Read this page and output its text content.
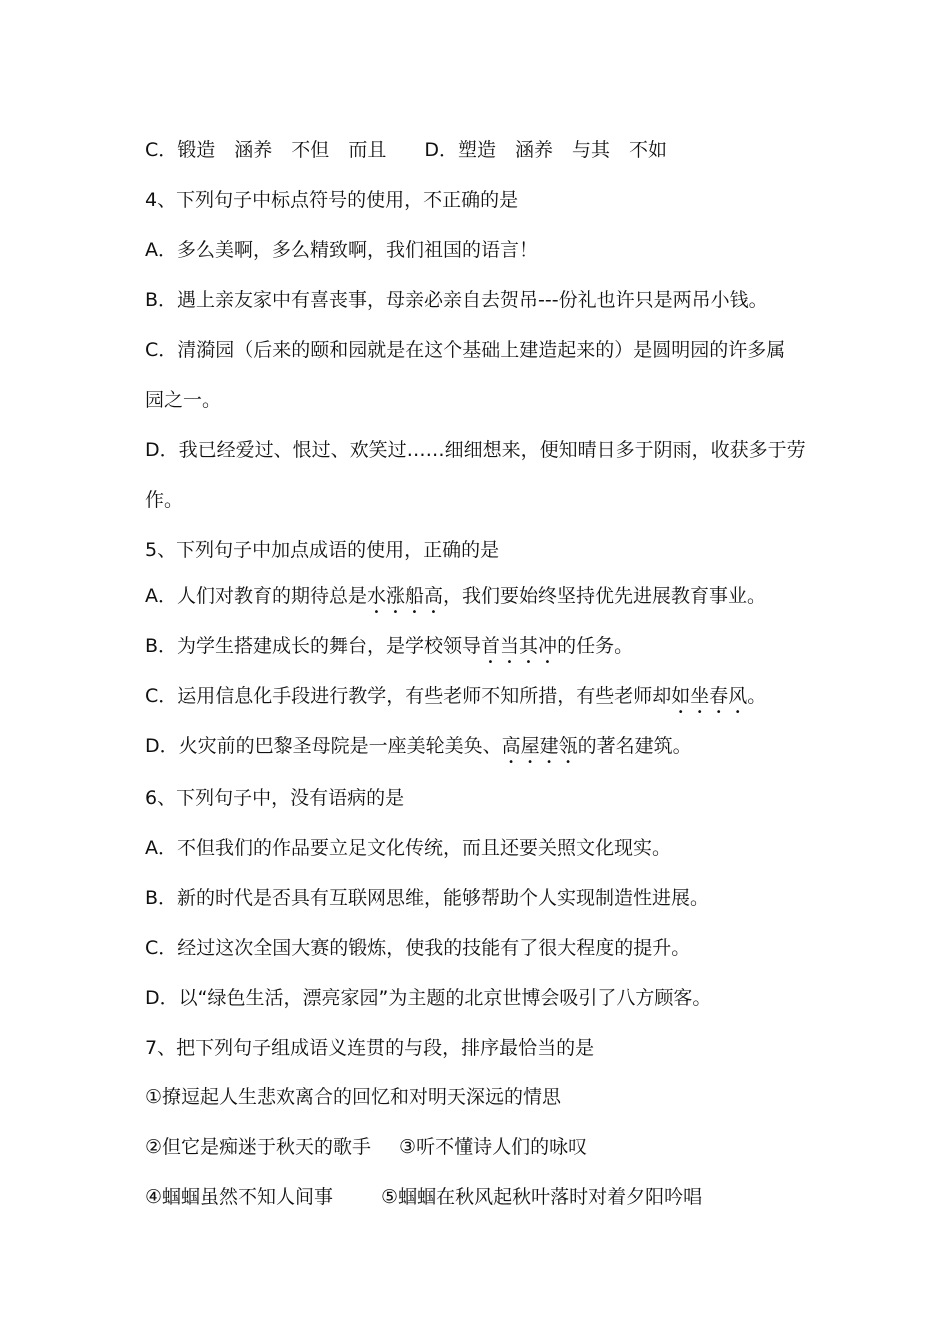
C．锻造 涵养 不但 而且 D．塑造 涵养 与其 不如
4、下列句子中标点符号的使用，不正确的是
A．多么美啊，多么精致啊，我们祖国的语言！
B．遇上亲友家中有喜丧事，母亲必亲自去贺吊---份礼也许只是两吊小钱。
C．清漪园（后来的颐和园就是在这个基础上建造起来的）是圆明园的许多属
园之一。
D．我已经爱过、恨过、欢笑过……细细想来，便知晴日多于阴雨，收获多于劳
作。
5、下列句子中加点成语的使用，正确的是
A．人们对教育的期待总是水涨船高，我们要始终坚持优先进展教育事业。
B．为学生搭建成长的舞台，是学校领导首当其冲的任务。
C．运用信息化手段进行教学，有些老师不知所措，有些老师却如坐春风。
D．火灾前的巴黎圣母院是一座美轮美奂、高屋建瓴的著名建筑。
6、下列句子中，没有语病的是
A．不但我们的作品要立足文化传统，而且还要关照文化现实。
B．新的时代是否具有互联网思维，能够帮助个人实现制造性进展。
C．经过这次全国大赛的锻炼，使我的技能有了很大程度的提升。
D．以“绿色生活，漂亮家园”为主题的北京世博会吸引了八方顾客。
7、把下列句子组成语义连贯的与段，排序最恰当的是
①撩逗起人生悲欢离合的回忆和对明天深远的情思
②但它是痴迷于秋天的歌手 ③听不懂诗人们的咏叹
④蝈蝈虽然不知人间事	⑤蝈蝈在秋风起秋叶落时对着夕阳吟唱
